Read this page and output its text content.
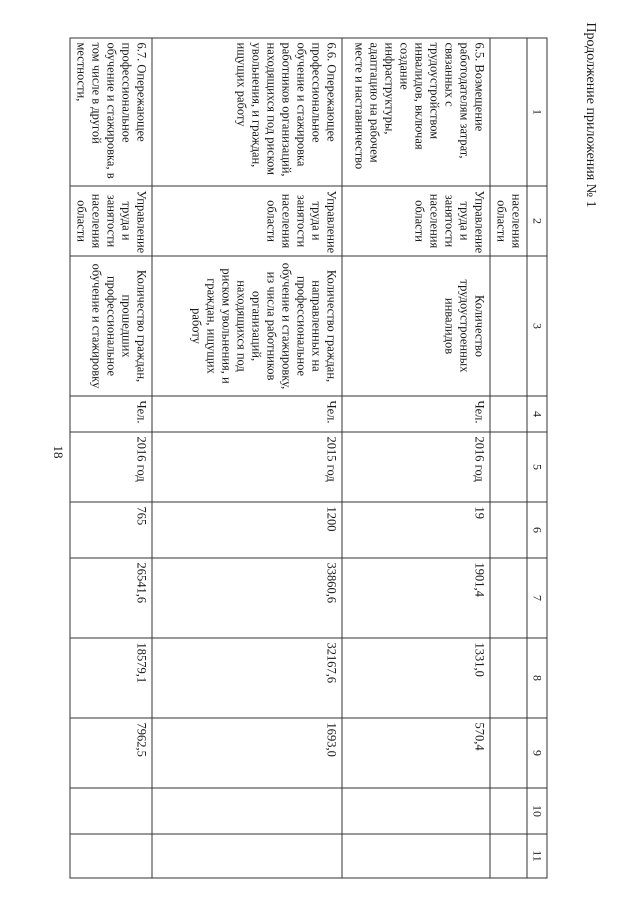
18
Продолжение приложения № 1
1	2	3	4	5	6	7	8	9	10	11
	населения области									
6.5. Возмещение работодателям затрат, связанных с трудоустройством инвалидов, включая создание инфраструктуры, адаптацию на рабочем месте и наставничество	Управление труда и занятости населения области	Количество трудоустроенных инвалидов	Чел.	2016 год	19	1901,4	1331,0	570,4		
6.6. Опережающее профессиональное обучение и стажировка работников организаций, находящихся под риском увольнения, и граждан, ищущих работу	Управление труда и занятости населения области	Количество граждан, направленных на профессиональное обучение и стажировку, из числа работников организаций, находящихся под риском увольнения, и граждан, ищущих работу	Чел.	2015 год	1200	33860,6	32167,6	1693,0		
6.7. Опережающее профессиональное обучение и стажировка, в том числе в другой местности,	Управление труда и занятости населения области	Количество граждан, прошедших профессиональное обучение и стажировку	Чел.	2016 год	765	26541,6	18579,1	7962,5		
